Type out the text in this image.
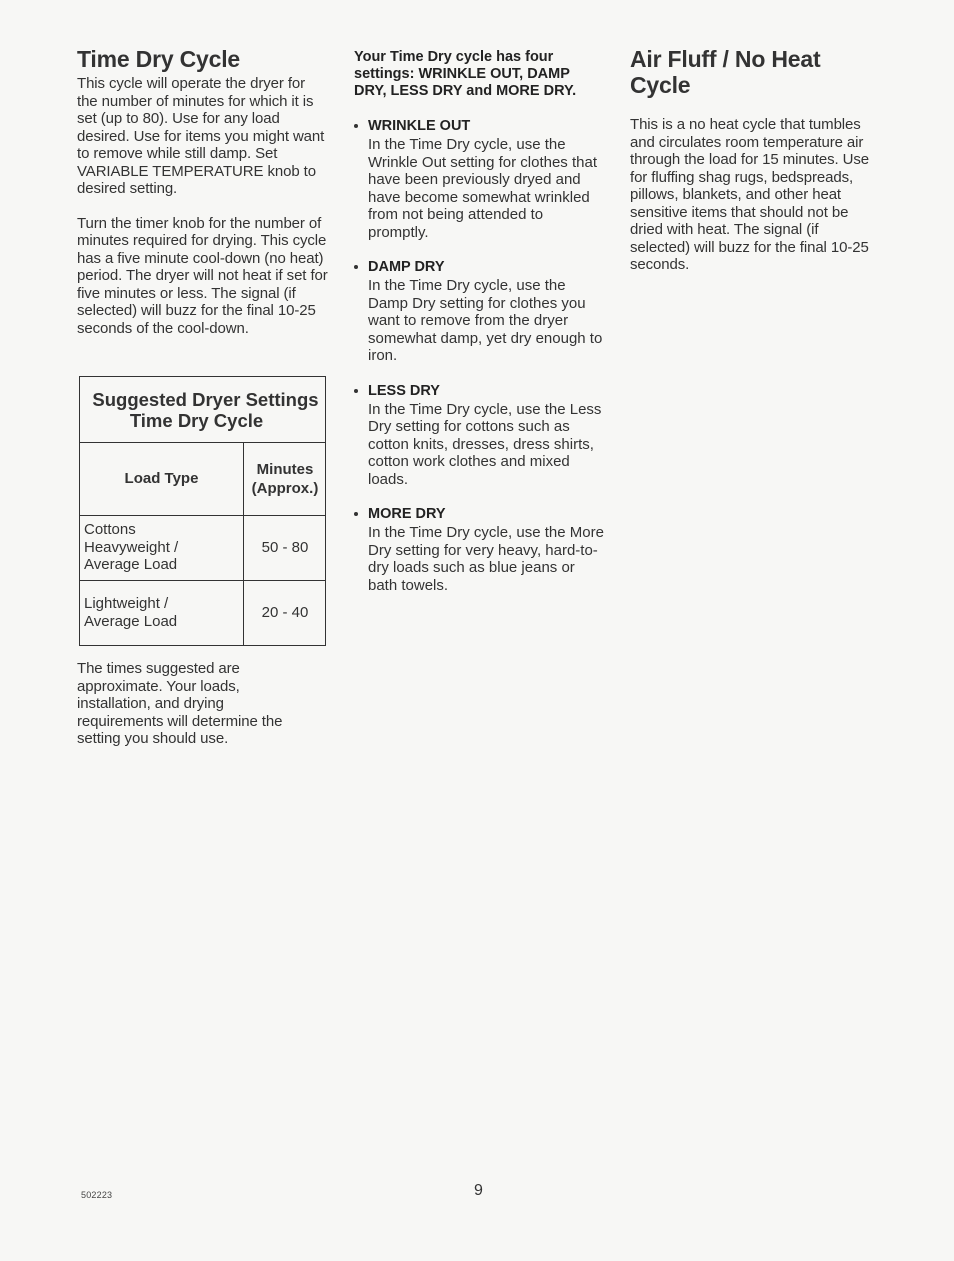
Time Dry Cycle

This cycle will operate the dryer for the number of minutes for which it is set (up to 80). Use for any load desired. Use for items you might want to remove while still damp. Set VARIABLE TEMPERATURE knob to desired setting.

Turn the timer knob for the number of minutes required for drying. This cycle has a five minute cool-down (no heat) period. The dryer will not heat if set for five minutes or less. The signal (if selected) will buzz for the final 10-25 seconds of the cool-down.

Suggested Dryer Settings
Time Dry Cycle
Load Type
Minutes
(Approx.)
Cottons
Heavyweight /
Average Load
50 - 80
Lightweight /
Average Load	20 - 40

The times suggested are approximate. Your loads, installation, and drying requirements will determine the setting you should use.

Your Time Dry cycle has four settings: WRINKLE OUT, DAMP DRY, LESS DRY and MORE DRY.

WRINKLE OUT

In the Time Dry cycle, use the Wrinkle Out setting for clothes that have been previously dryed and have become somewhat wrinkled from not being attended to promptly.

DAMP DRY

In the Time Dry cycle, use the Damp Dry setting for clothes you want to remove from the dryer somewhat damp, yet dry enough to iron.

LESS DRY

In the Time Dry cycle, use the Less Dry setting for cottons such as cotton knits, dresses, dress shirts, cotton work clothes and mixed loads.

MORE DRY

In the Time Dry cycle, use the More Dry setting for very heavy, hard-to-dry loads such as blue jeans or bath towels.

Air Fluff / No Heat
Cycle

This is a no heat cycle that tumbles and circulates room temperature air through the load for 15 minutes. Use for fluffing shag rugs, bedspreads, pillows, blankets, and other heat sensitive items that should not be dried with heat. The signal (if selected) will buzz for the final 10-25 seconds.

502223	9
